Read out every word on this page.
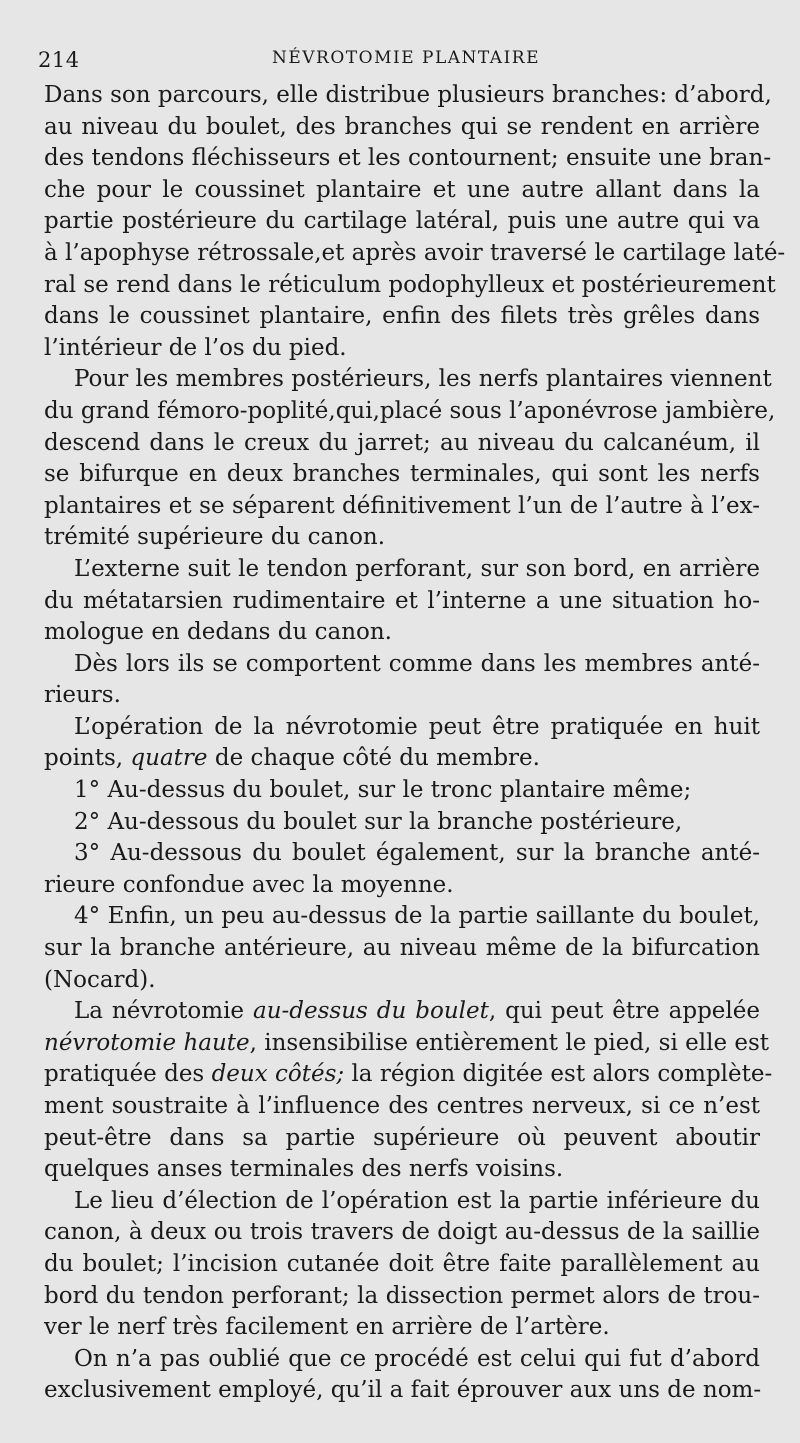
214	NÉVROTOMIE PLANTAIRE
Dans son parcours, elle distribue plusieurs branches: d’abord,
au niveau du boulet, des branches qui se rendent en arrière
des tendons fléchisseurs et les contournent; ensuite une bran-
che pour le coussinet plantaire et une autre allant dans la
partie postérieure du cartilage latéral, puis une autre qui va
à l’apophyse rétrossale,et après avoir traversé le cartilage laté-
ral se rend dans le réticulum podophylleux et postérieurement
dans le coussinet plantaire, enfin des filets très grêles dans
l’intérieur de l’os du pied.
Pour les membres postérieurs, les nerfs plantaires viennent
du grand fémoro-poplité,qui,placé sous l’aponévrose jambière,
descend dans le creux du jarret; au niveau du calcanéum, il
se bifurque en deux branches terminales, qui sont les nerfs
plantaires et se séparent définitivement l’un de l’autre à l’ex-
trémité supérieure du canon.
L’externe suit le tendon perforant, sur son bord, en arrière
du métatarsien rudimentaire et l’interne a une situation ho-
mologue en dedans du canon.
Dès lors ils se comportent comme dans les membres anté-
rieurs.
L’opération de la névrotomie peut être pratiquée en huit
points, quatre de chaque côté du membre.
1° Au-dessus du boulet, sur le tronc plantaire même;
2° Au-dessous du boulet sur la branche postérieure,
3° Au-dessous du boulet également, sur la branche anté-
rieure confondue avec la moyenne.
4° Enfin, un peu au-dessus de la partie saillante du boulet,
sur la branche antérieure, au niveau même de la bifurcation
(Nocard).
La névrotomie au-dessus du boulet, qui peut être appelée
névrotomie haute, insensibilise entièrement le pied, si elle est
pratiquée des deux côtés; la région digitée est alors complète-
ment soustraite à l’influence des centres nerveux, si ce n’est
peut-être dans sa partie supérieure où peuvent aboutir
quelques anses terminales des nerfs voisins.
Le lieu d’élection de l’opération est la partie inférieure du
canon, à deux ou trois travers de doigt au-dessus de la saillie
du boulet; l’incision cutanée doit être faite parallèlement au
bord du tendon perforant; la dissection permet alors de trou-
ver le nerf très facilement en arrière de l’artère.
On n’a pas oublié que ce procédé est celui qui fut d’abord
exclusivement employé, qu’il a fait éprouver aux uns de nom-
